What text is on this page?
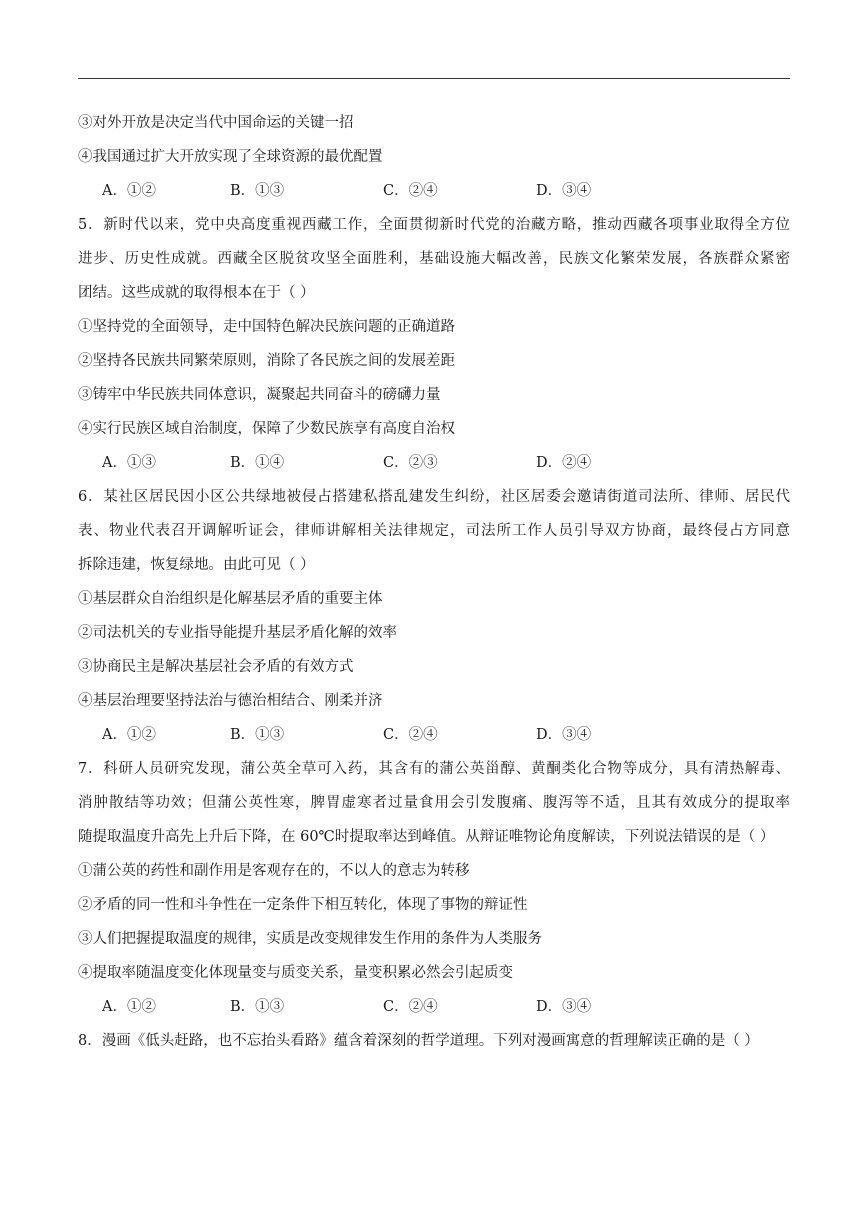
③对外开放是决定当代中国命运的关键一招
④我国通过扩大开放实现了全球资源的最优配置
A．①②	B．①③	C．②④	D．③④
5．新时代以来，党中央高度重视西藏工作，全面贯彻新时代党的治藏方略，推动西藏各项事业取得全方位
进步、历史性成就。西藏全区脱贫攻坚全面胜利，基础设施大幅改善，民族文化繁荣发展，各族群众紧密
团结。这些成就的取得根本在于（ ）
①坚持党的全面领导，走中国特色解决民族问题的正确道路
②坚持各民族共同繁荣原则，消除了各民族之间的发展差距
③铸牢中华民族共同体意识，凝聚起共同奋斗的磅礴力量
④实行民族区域自治制度，保障了少数民族享有高度自治权
A．①③	B．①④	C．②③	D．②④
6．某社区居民因小区公共绿地被侵占搭建私搭乱建发生纠纷，社区居委会邀请街道司法所、律师、居民代
表、物业代表召开调解听证会，律师讲解相关法律规定，司法所工作人员引导双方协商，最终侵占方同意
拆除违建，恢复绿地。由此可见（ ）
①基层群众自治组织是化解基层矛盾的重要主体
②司法机关的专业指导能提升基层矛盾化解的效率
③协商民主是解决基层社会矛盾的有效方式
④基层治理要坚持法治与德治相结合、刚柔并济
A．①②	B．①③	C．②④	D．③④
7．科研人员研究发现，蒲公英全草可入药，其含有的蒲公英甾醇、黄酮类化合物等成分，具有清热解毒、
消肿散结等功效；但蒲公英性寒，脾胃虚寒者过量食用会引发腹痛、腹泻等不适，且其有效成分的提取率
随提取温度升高先上升后下降，在 60℃时提取率达到峰值。从辩证唯物论角度解读，下列说法错误的是（ ）
①蒲公英的药性和副作用是客观存在的，不以人的意志为转移
②矛盾的同一性和斗争性在一定条件下相互转化，体现了事物的辩证性
③人们把握提取温度的规律，实质是改变规律发生作用的条件为人类服务
④提取率随温度变化体现量变与质变关系，量变积累必然会引起质变
A．①②	B．①③	C．②④	D．③④
8．漫画《低头赶路，也不忘抬头看路》蕴含着深刻的哲学道理。下列对漫画寓意的哲理解读正确的是（ ）
